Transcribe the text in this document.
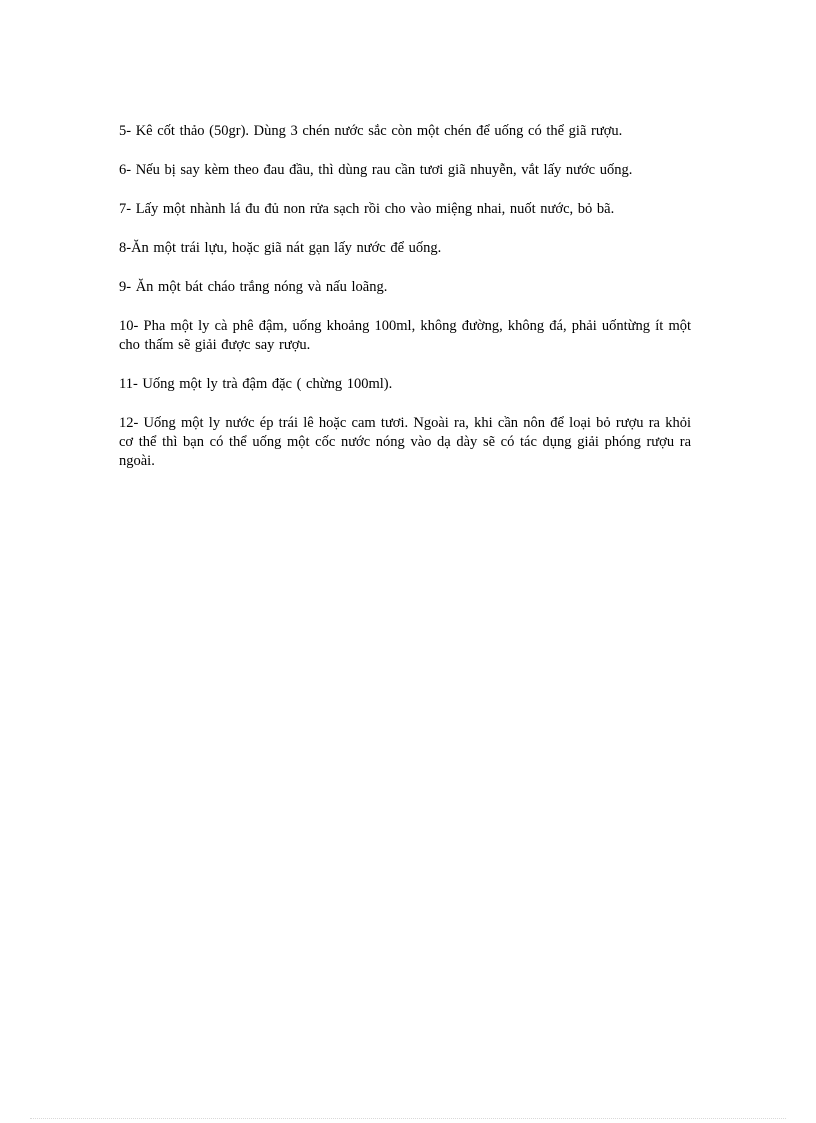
5- Kê cốt thảo (50gr). Dùng 3 chén nước sắc còn một chén để uống có thể giã rượu.

6- Nếu bị say kèm theo đau đầu, thì dùng rau cần tươi giã nhuyễn, vắt lấy nước uống.

7- Lấy một nhành lá đu đủ non rửa sạch rồi cho vào miệng nhai, nuốt nước, bỏ bã.

8-Ăn một trái lựu, hoặc giã nát gạn lấy nước để uống.

9- Ăn một bát cháo trắng nóng và nấu loãng.

10- Pha một ly cà phê đậm, uống khoảng 100ml, không đường, không đá, phải uốntừng ít một cho thấm sẽ giải được say rượu.

11- Uống một ly trà đậm đặc ( chừng 100ml).

12- Uống một ly nước ép trái lê hoặc cam tươi. Ngoài ra, khi cần nôn để loại bỏ rượu ra khỏi cơ thể thì bạn có thể uống một cốc nước nóng vào dạ dày sẽ có tác dụng giải phóng rượu ra ngoài.
